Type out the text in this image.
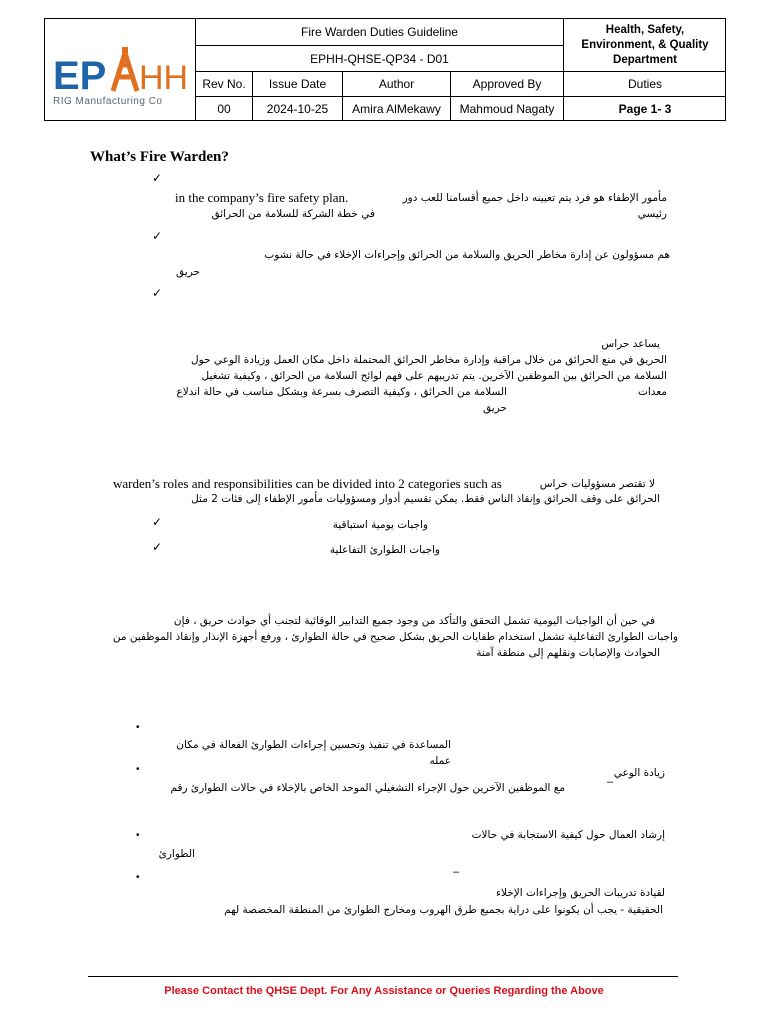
EP HH
RIG Manufacturing Co
Fire Warden Duties Guideline
EPHH-QHSE-QP34 - D01
Health, Safety, Environment, & Quality Department
Rev No.	Issue Date	Author	Approved By	Duties
00	2024-10-25	Amira AlMekawy	Mahmoud Nagaty	Page 1- 3
What’s Fire Warden?
✓
in the company’s fire safety plan.	مأمور الإطفاء هو فرد يتم تعيينه داخل جميع أقسامنا للعب دور رئيسي
في خطة الشركة للسلامة من الحرائق
✓
هم مسؤولون عن إدارة مخاطر الحريق والسلامة من الحرائق وإجراءات الإخلاء في حالة نشوب
حريق
✓
يساعد حراس
الحريق في منع الحرائق من خلال مراقبة وإدارة مخاطر الحرائق المحتملة داخل مكان العمل وزيادة الوعي حول
السلامة من الحرائق بين الموظفين الآخرين. يتم تدريبهم على فهم لوائح السلامة من الحرائق ، وكيفية تشغيل معدات
السلامة من الحرائق ، وكيفية التصرف بسرعة وبشكل مناسب في حالة اندلاع حريق
warden’s roles and responsibilities can be divided into 2 categories such as	لا تقتصر مسؤوليات حراس
الحرائق على وقف الحرائق وإنقاذ الناس فقط. يمكن تقسيم أدوار ومسؤوليات مأمور الإطفاء إلى فئات 2 مثل
✓	واجبات يومية استباقية
✓	واجبات الطوارئ التفاعلية
في حين أن الواجبات اليومية تشمل التحقق والتأكد من وجود جميع التدابير الوقائية لتجنب أي حوادث حريق ، فإن
واجبات الطوارئ التفاعلية تشمل استخدام طفايات الحريق بشكل صحيح في حالة الطوارئ ، ورفع أجهزة الإنذار وإنقاذ الموظفين من
الحوادث والإصابات ونقلهم إلى منطقة آمنة
•
المساعدة في تنفيذ وتحسين إجراءات الطوارئ الفعالة في مكان عمله
•	زيادة الوعي
–
مع الموظفين الآخرين حول الإجراء التشغيلي الموحد الخاص بالإخلاء في حالات الطوارئ رقم
•	إرشاد العمال حول كيفية الاستجابة في حالات
الطوارئ
•	–
لقيادة تدريبات الحريق وإجراءات الإخلاء
الحقيقية - يجب أن يكونوا على دراية بجميع طرق الهروب ومخارج الطوارئ من المنطقة المخصصة لهم
Please Contact the QHSE Dept. For Any Assistance or Queries Regarding the Above
